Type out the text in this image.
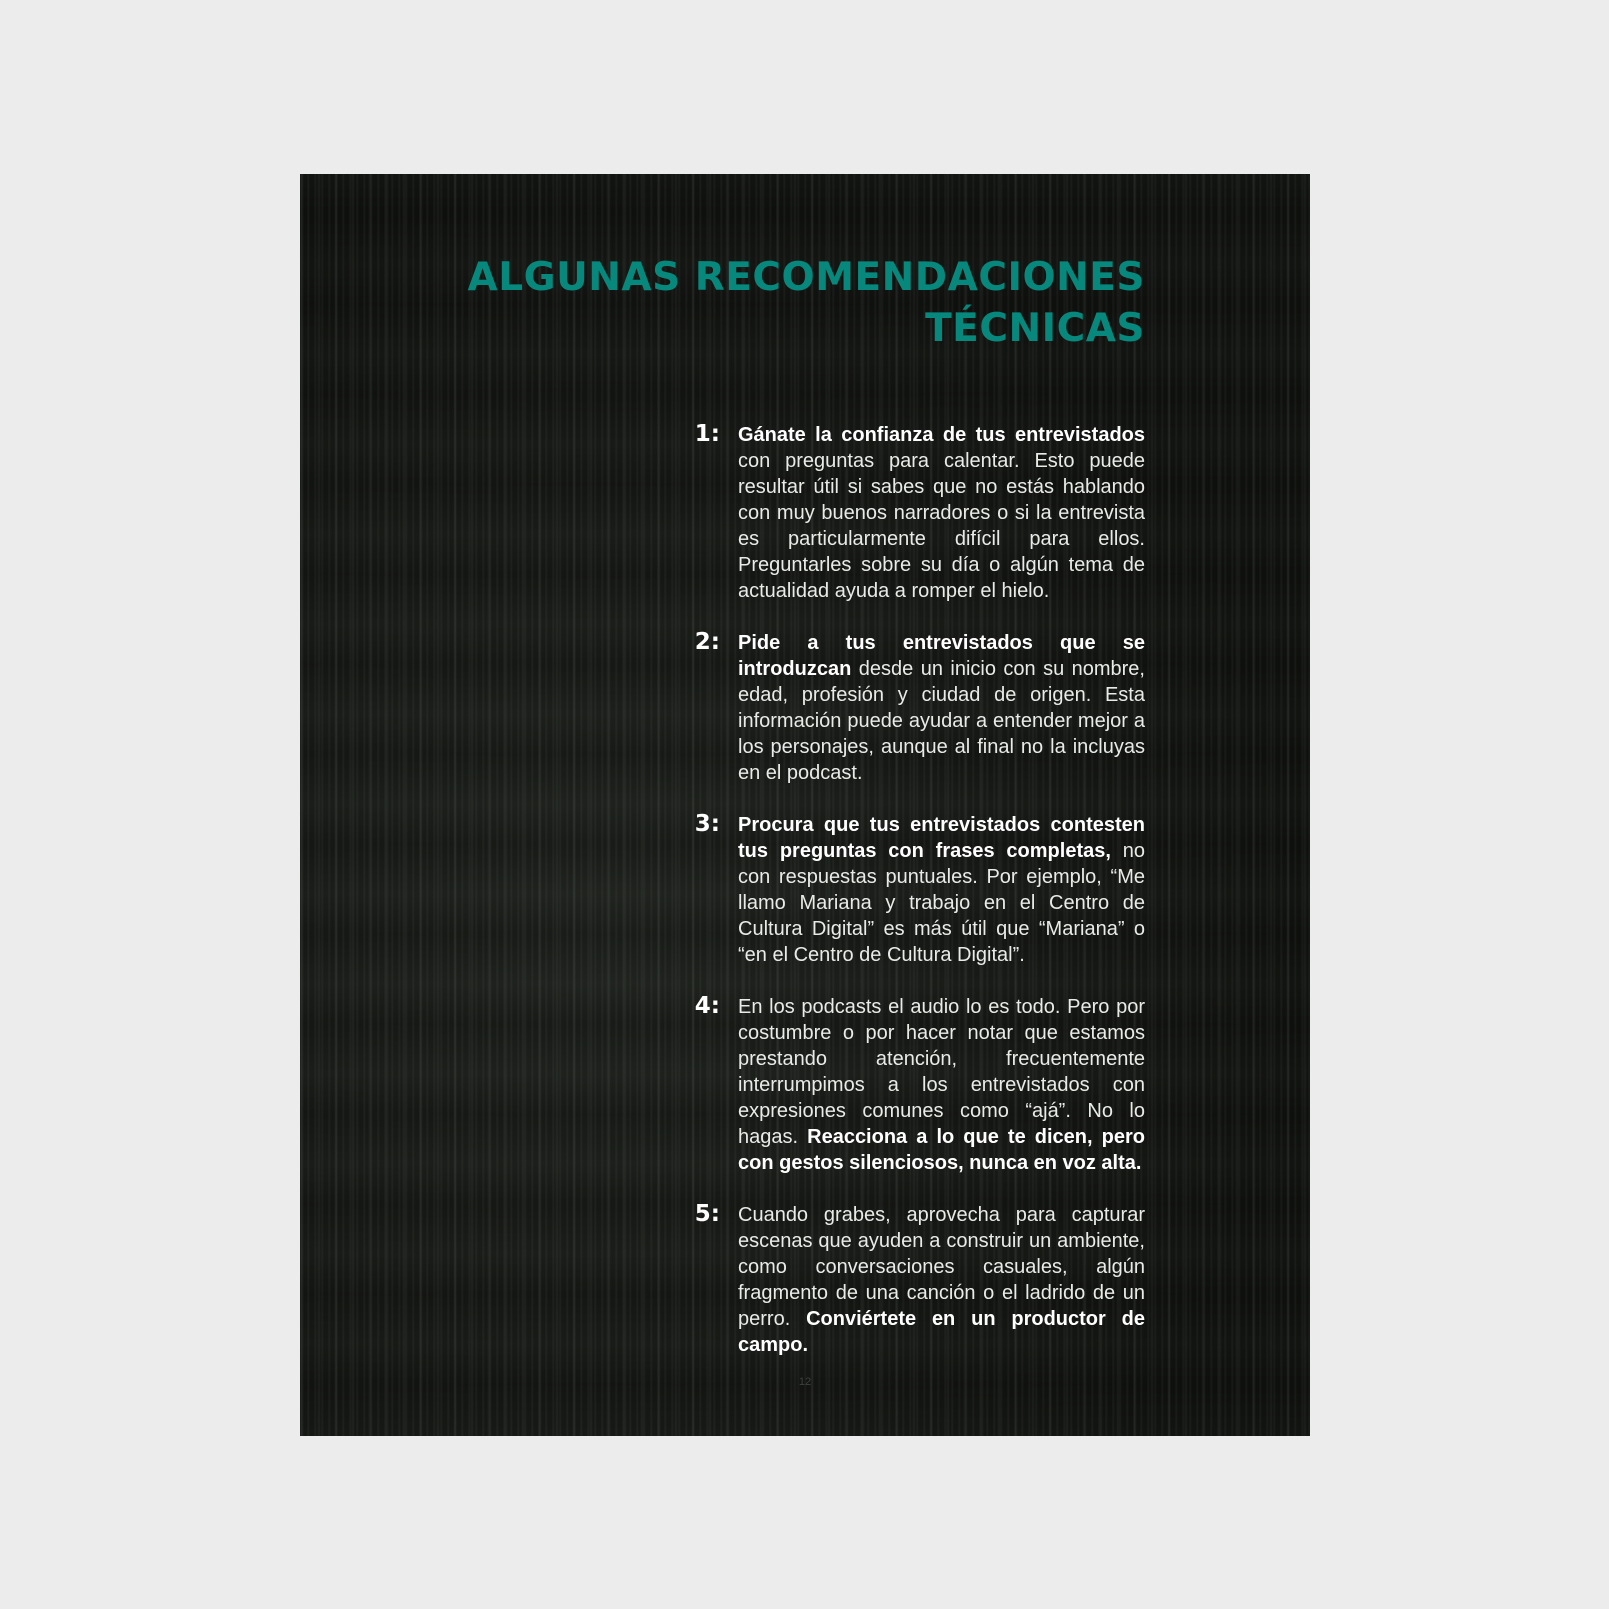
ALGUNAS RECOMENDACIONES
TÉCNICAS
1: Gánate la confianza de tus entrevistados con preguntas para calentar. Esto puede resultar útil si sabes que no estás hablando con muy buenos narradores o si la entrevista es particularmente difícil para ellos. Preguntarles sobre su día o algún tema de actualidad ayuda a romper el hielo.

2: Pide a tus entrevistados que se introduzcan desde un inicio con su nombre, edad, profesión y ciudad de origen. Esta información puede ayudar a entender mejor a los personajes, aunque al final no la incluyas en el podcast.

3: Procura que tus entrevistados contesten tus preguntas con frases completas, no con respuestas puntuales. Por ejemplo, “Me llamo Mariana y trabajo en el Centro de Cultura Digital” es más útil que “Mariana” o “en el Centro de Cultura Digital”.

4: En los podcasts el audio lo es todo. Pero por costumbre o por hacer notar que estamos prestando atención, frecuentemente interrumpimos a los entrevistados con expresiones comunes como “ajá”. No lo hagas. Reacciona a lo que te dicen, pero con gestos silenciosos, nunca en voz alta.

5: Cuando grabes, aprovecha para capturar escenas que ayuden a construir un ambiente, como conversaciones casuales, algún fragmento de una canción o el ladrido de un perro. Conviértete en un productor de campo.

12
